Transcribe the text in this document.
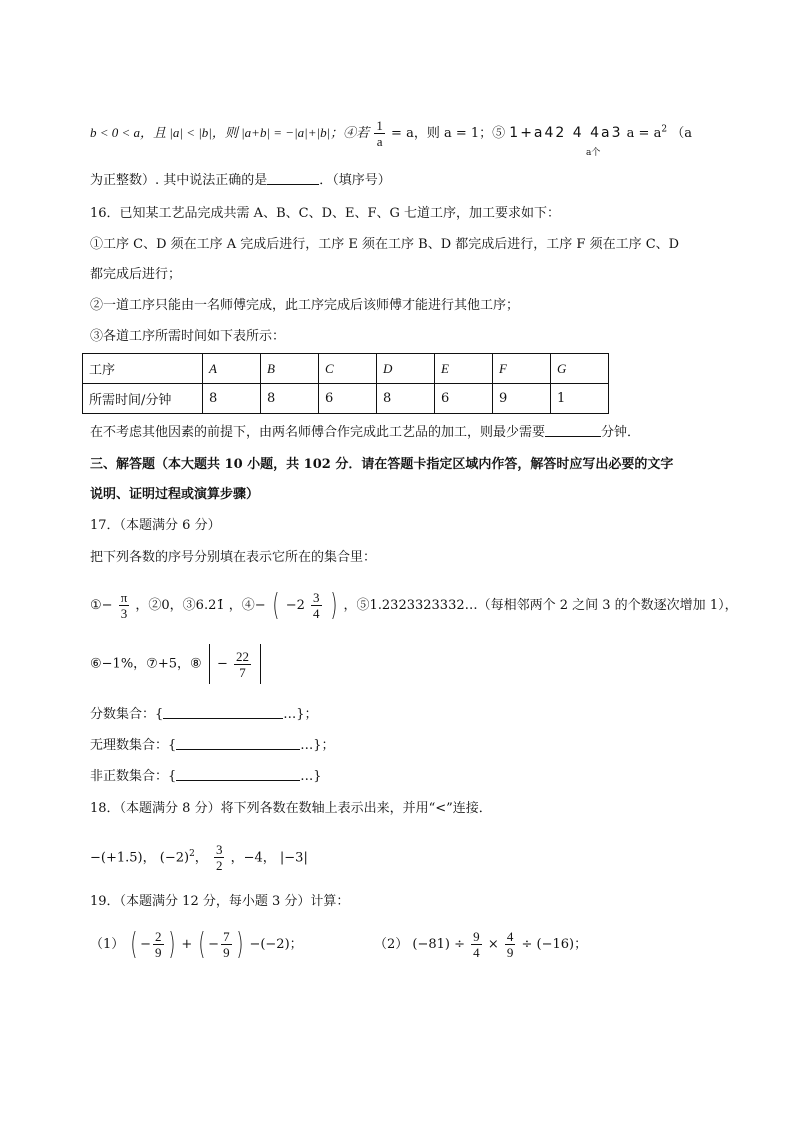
b < 0 < a，且 |a| < |b|，则 |a+b| = −|a|+|b|；④若 $\frac{1}{a} = a$，则 a = 1；⑤ 1+a42 4 4a3 $a = a^2$ （a
a个
为正整数）. 其中说法正确的是	．（填序号）
16．已知某工艺品完成共需 A、B、C、D、E、F、G 七道工序，加工要求如下：
①工序 C、D 须在工序 A 完成后进行，工序 E 须在工序 B、D 都完成后进行，工序 F 须在工序 C、D
都完成后进行；
②一道工序只能由一名师傅完成，此工序完成后该师傅才能进行其他工序；
③各道工序所需时间如下表所示：
工序	A	B	C	D	E	F	G
所需时间/分钟	8	8	6	8	6	9	1
在不考虑其他因素的前提下，由两名师傅合作完成此工艺品的加工，则最少需要	分钟．
三、解答题（本大题共 10 小题，共 102 分．请在答题卡指定区域内作答，解答时应写出必要的文字
说明、证明过程或演算步骤）
17．（本题满分 6 分）
把下列各数的序号分别填在表示它所在的集合里：
①− $\frac{\pi}{3}$ ，②0，③6.21̇ ，④− ( $-2 \frac{3}{4}$ ) ，⑤1.2323323332…（每相邻两个 2 之间 3 的个数逐次增加 1），
⑥−1%，⑦+5，⑧ − $\frac{22}{7}$

分数集合：{	…}；
无理数集合：{	…}；
非正数集合：{	…}
18．（本题满分 8 分）将下列各数在数轴上表示出来，并用“<”连接．
−(+1.5)， $(-2)^2$， $\frac{3}{2}$ ，−4， |−3|
19．（本题满分 12 分，每小题 3 分）计算：
（1） ( − $\frac{2}{9}$ ) + ( − $\frac{7}{9}$ ) −(−2)；	（2） $(-81) \div \frac{9}{4} \times \frac{4}{9} \div (-16)$；
